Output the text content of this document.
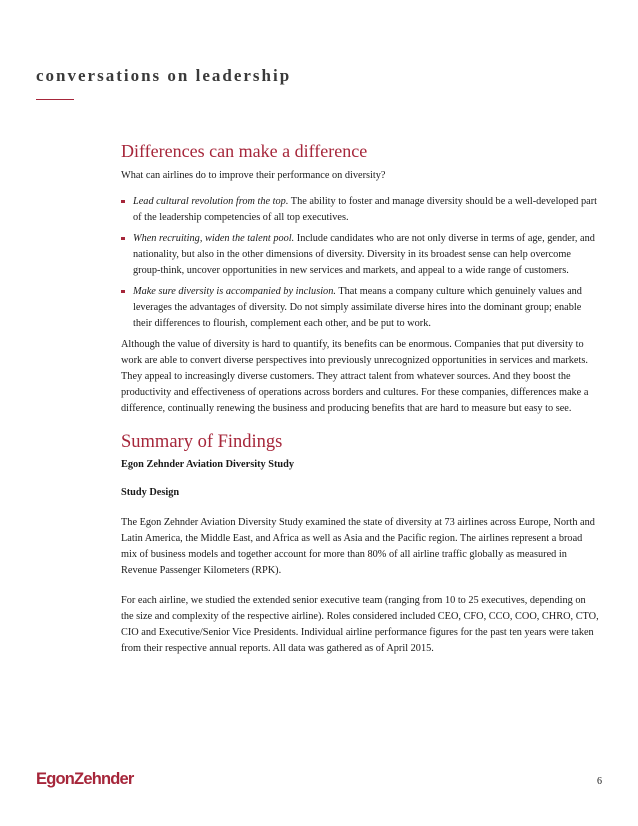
conversations on leadership
Differences can make a difference

What can airlines do to improve their performance on diversity?

Lead cultural revolution from the top. The ability to foster and manage diversity should be a well-developed part of the leadership competencies of all top executives.
When recruiting, widen the talent pool. Include candidates who are not only diverse in terms of age, gender, and nationality, but also in the other dimensions of diversity. Diversity in its broadest sense can help overcome group-think, uncover opportunities in new services and markets, and appeal to a wide range of customers.
Make sure diversity is accompanied by inclusion. That means a company culture which genuinely values and leverages the advantages of diversity. Do not simply assimilate diverse hires into the dominant group; enable their differences to flourish, complement each other, and be put to work.

Although the value of diversity is hard to quantify, its benefits can be enormous. Companies that put diversity to work are able to convert diverse perspectives into previously unrecognized opportunities in services and markets. They appeal to increasingly diverse customers. They attract talent from whatever sources. And they boost the productivity and effectiveness of operations across borders and cultures. For these companies, differences make a difference, continually renewing the business and producing benefits that are hard to measure but easy to see.

Summary of Findings

Egon Zehnder Aviation Diversity Study

Study Design

The Egon Zehnder Aviation Diversity Study examined the state of diversity at 73 airlines across Europe, North and Latin America, the Middle East, and Africa as well as Asia and the Pacific region. The airlines represent a broad mix of business models and together account for more than 80% of all airline traffic globally as measured in Revenue Passenger Kilometers (RPK).

For each airline, we studied the extended senior executive team (ranging from 10 to 25 executives, depending on the size and complexity of the respective airline). Roles considered included CEO, CFO, CCO, COO, CHRO, CTO, CIO and Executive/Senior Vice Presidents. Individual airline performance figures for the past ten years were taken from their respective annual reports. All data was gathered as of April 2015.

EgonZehnder	6
